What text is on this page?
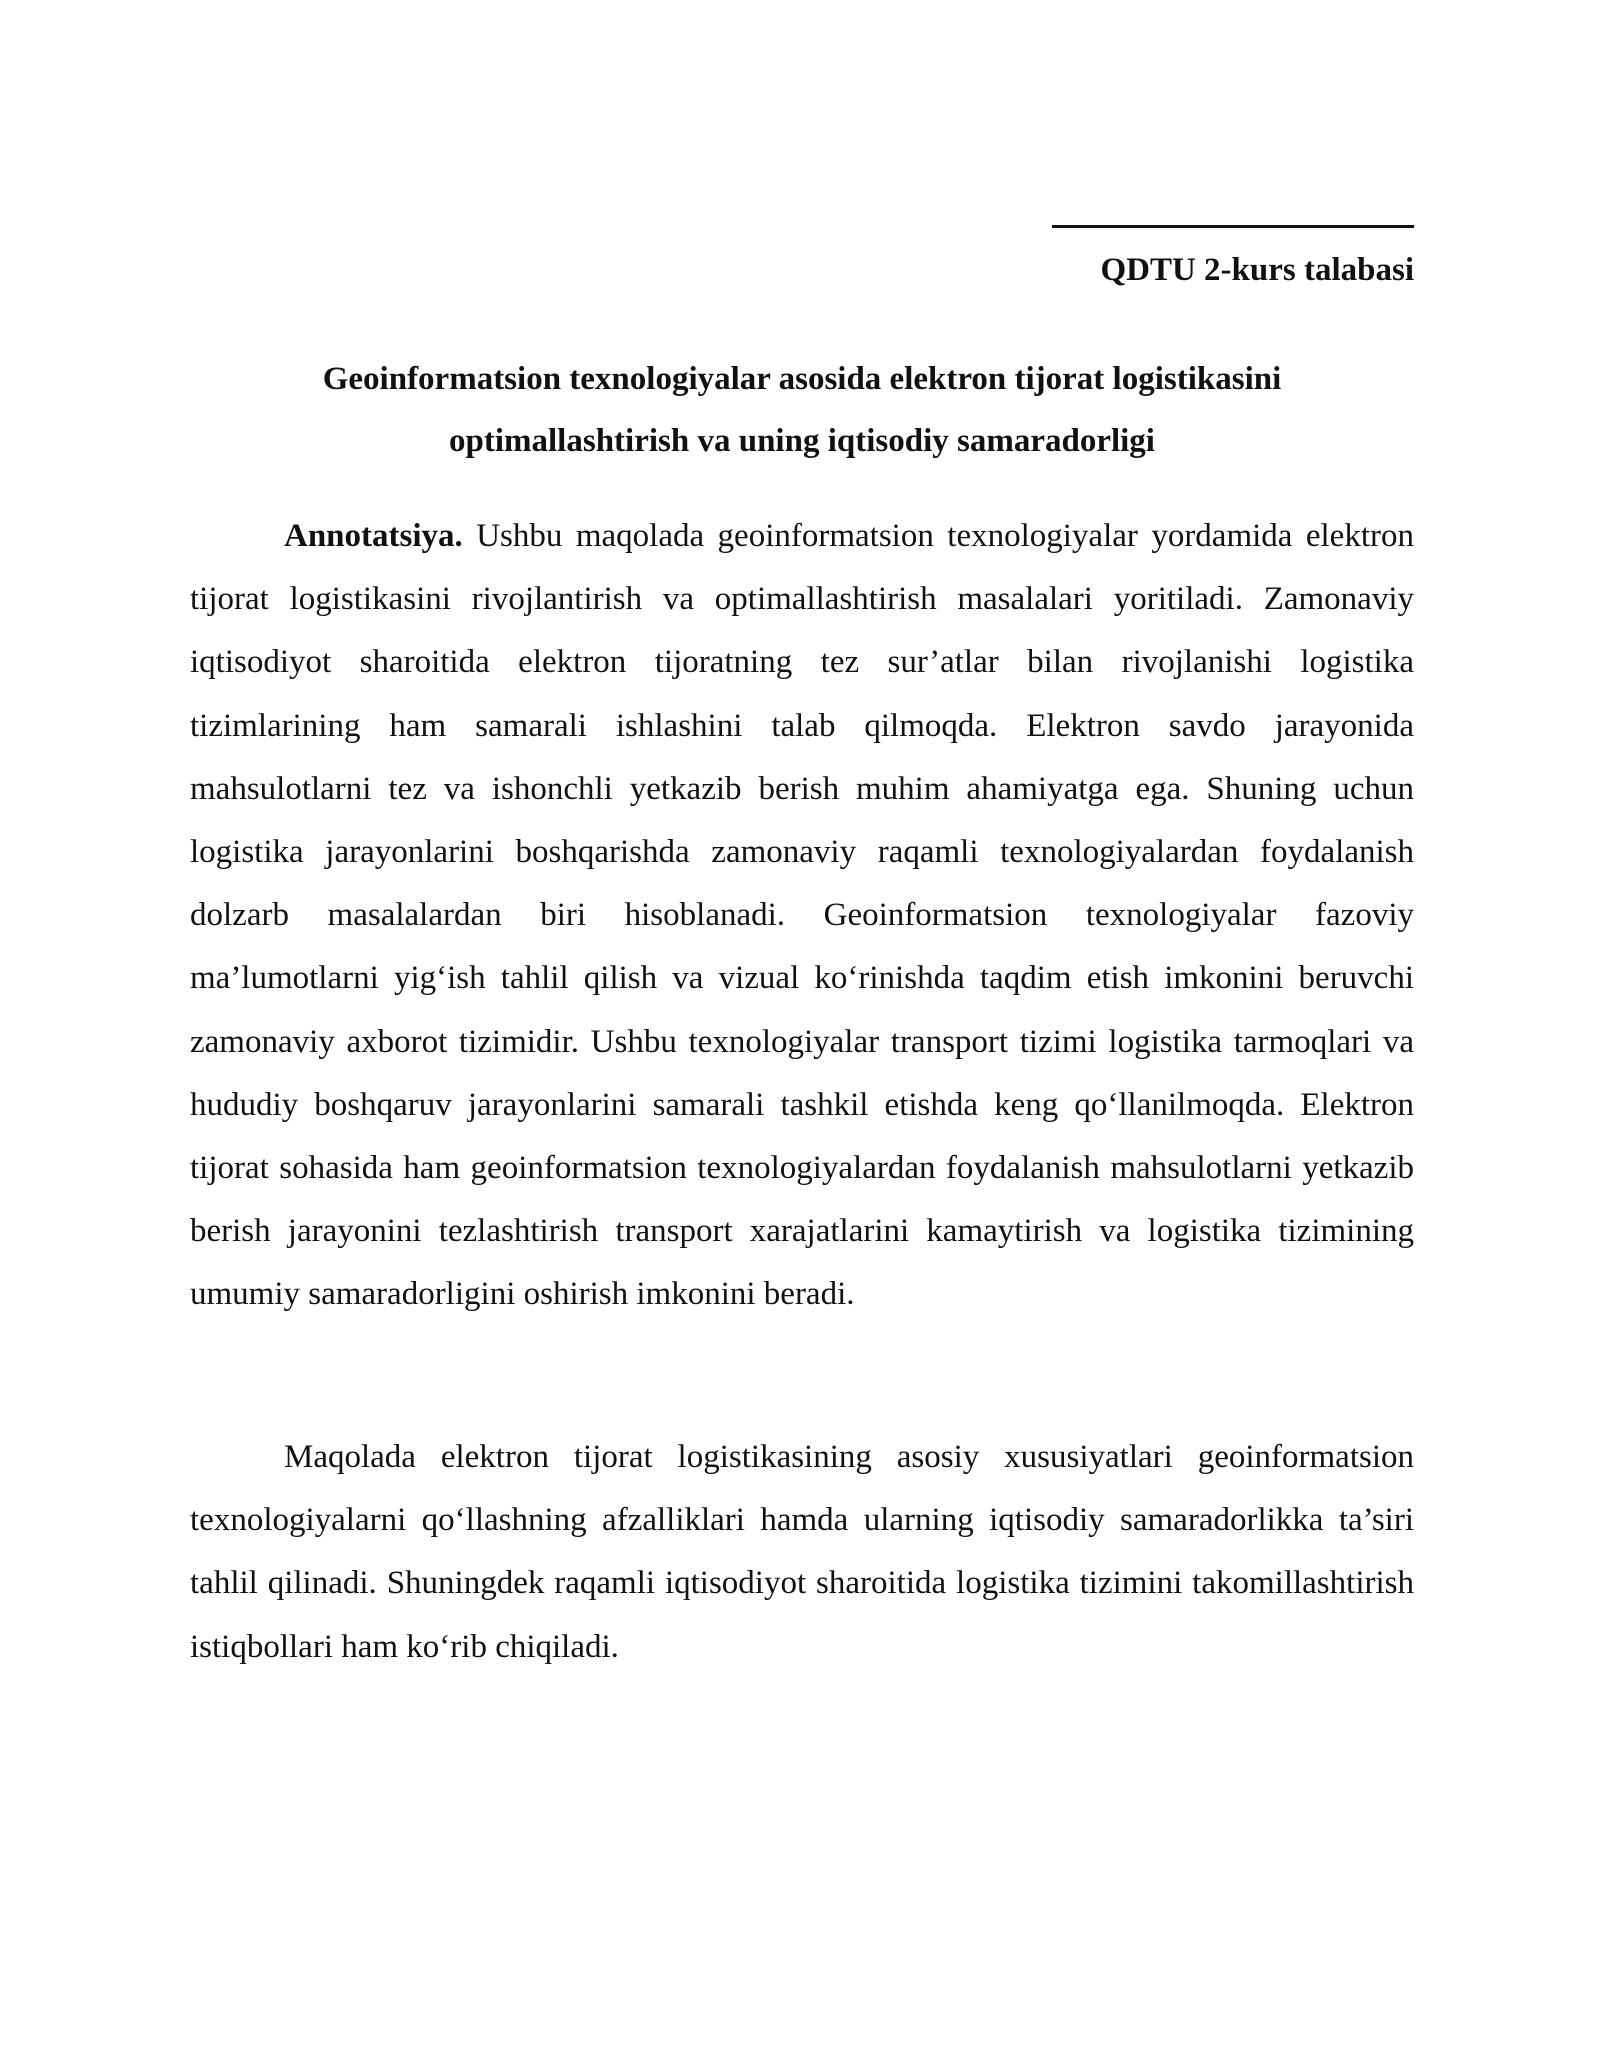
QDTU 2-kurs talabasi
Geoinformatsion texnologiyalar asosida elektron tijorat logistikasini
optimallashtirish va uning iqtisodiy samaradorligi

Annotatsiya. Ushbu maqolada geoinformatsion texnologiyalar yordamida elektron tijorat logistikasini rivojlantirish va optimallashtirish masalalari yoritiladi. Zamonaviy iqtisodiyot sharoitida elektron tijoratning tez sur’atlar bilan rivojlanishi logistika tizimlarining ham samarali ishlashini talab qilmoqda. Elektron savdo jarayonida mahsulotlarni tez va ishonchli yetkazib berish muhim ahamiyatga ega. Shuning uchun logistika jarayonlarini boshqarishda zamonaviy raqamli texnologiyalardan foydalanish dolzarb masalalardan biri hisoblanadi. Geoinformatsion texnologiyalar fazoviy ma’lumotlarni yig‘ish tahlil qilish va vizual ko‘rinishda taqdim etish imkonini beruvchi zamonaviy axborot tizimidir. Ushbu texnologiyalar transport tizimi logistika tarmoqlari va hududiy boshqaruv jarayonlarini samarali tashkil etishda keng qo‘llanilmoqda. Elektron tijorat sohasida ham geoinformatsion texnologiyalardan foydalanish mahsulotlarni yetkazib berish jarayonini tezlashtirish transport xarajatlarini kamaytirish va logistika tizimining umumiy samaradorligini oshirish imkonini beradi.

Maqolada elektron tijorat logistikasining asosiy xususiyatlari geoinformatsion texnologiyalarni qo‘llashning afzalliklari hamda ularning iqtisodiy samaradorlikka ta’siri tahlil qilinadi. Shuningdek raqamli iqtisodiyot sharoitida logistika tizimini takomillashtirish istiqbollari ham ko‘rib chiqiladi.
